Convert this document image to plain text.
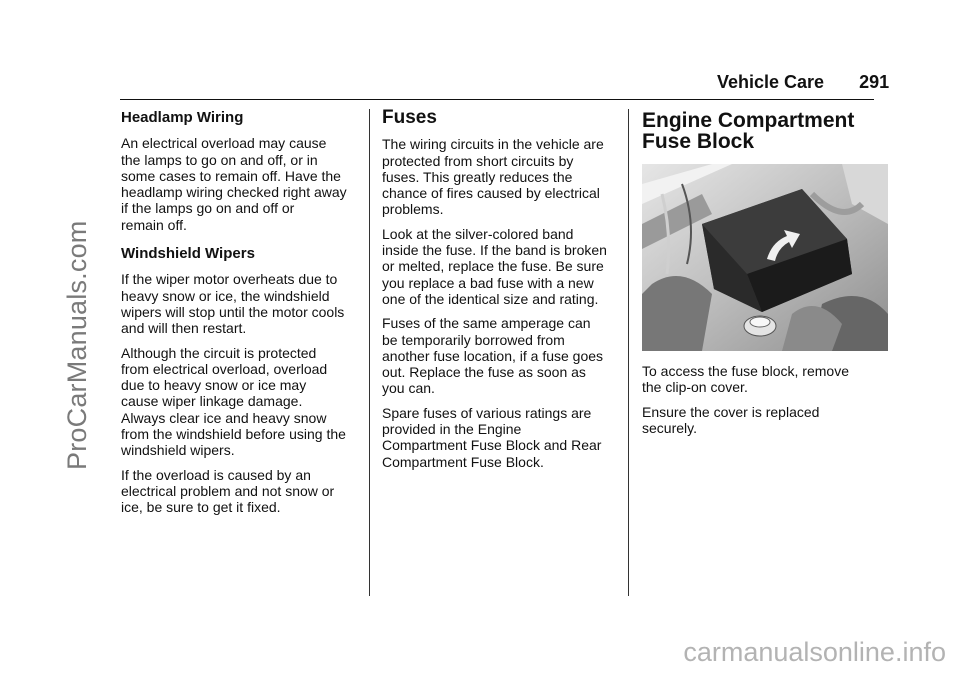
ProCarManuals.com
Vehicle Care 291
Headlamp Wiring

An electrical overload may cause
the lamps to go on and off, or in
some cases to remain off. Have the
headlamp wiring checked right away
if the lamps go on and off or
remain off.

Windshield Wipers

If the wiper motor overheats due to
heavy snow or ice, the windshield
wipers will stop until the motor cools
and will then restart.

Although the circuit is protected
from electrical overload, overload
due to heavy snow or ice may
cause wiper linkage damage.
Always clear ice and heavy snow
from the windshield before using the
windshield wipers.

If the overload is caused by an
electrical problem and not snow or
ice, be sure to get it fixed.

Fuses

The wiring circuits in the vehicle are
protected from short circuits by
fuses. This greatly reduces the
chance of fires caused by electrical
problems.

Look at the silver-colored band
inside the fuse. If the band is broken
or melted, replace the fuse. Be sure
you replace a bad fuse with a new
one of the identical size and rating.

Fuses of the same amperage can
be temporarily borrowed from
another fuse location, if a fuse goes
out. Replace the fuse as soon as
you can.

Spare fuses of various ratings are
provided in the Engine
Compartment Fuse Block and Rear
Compartment Fuse Block.

Engine Compartment
Fuse Block

To access the fuse block, remove
the clip-on cover.

Ensure the cover is replaced
securely.

carmanualsonline.info
